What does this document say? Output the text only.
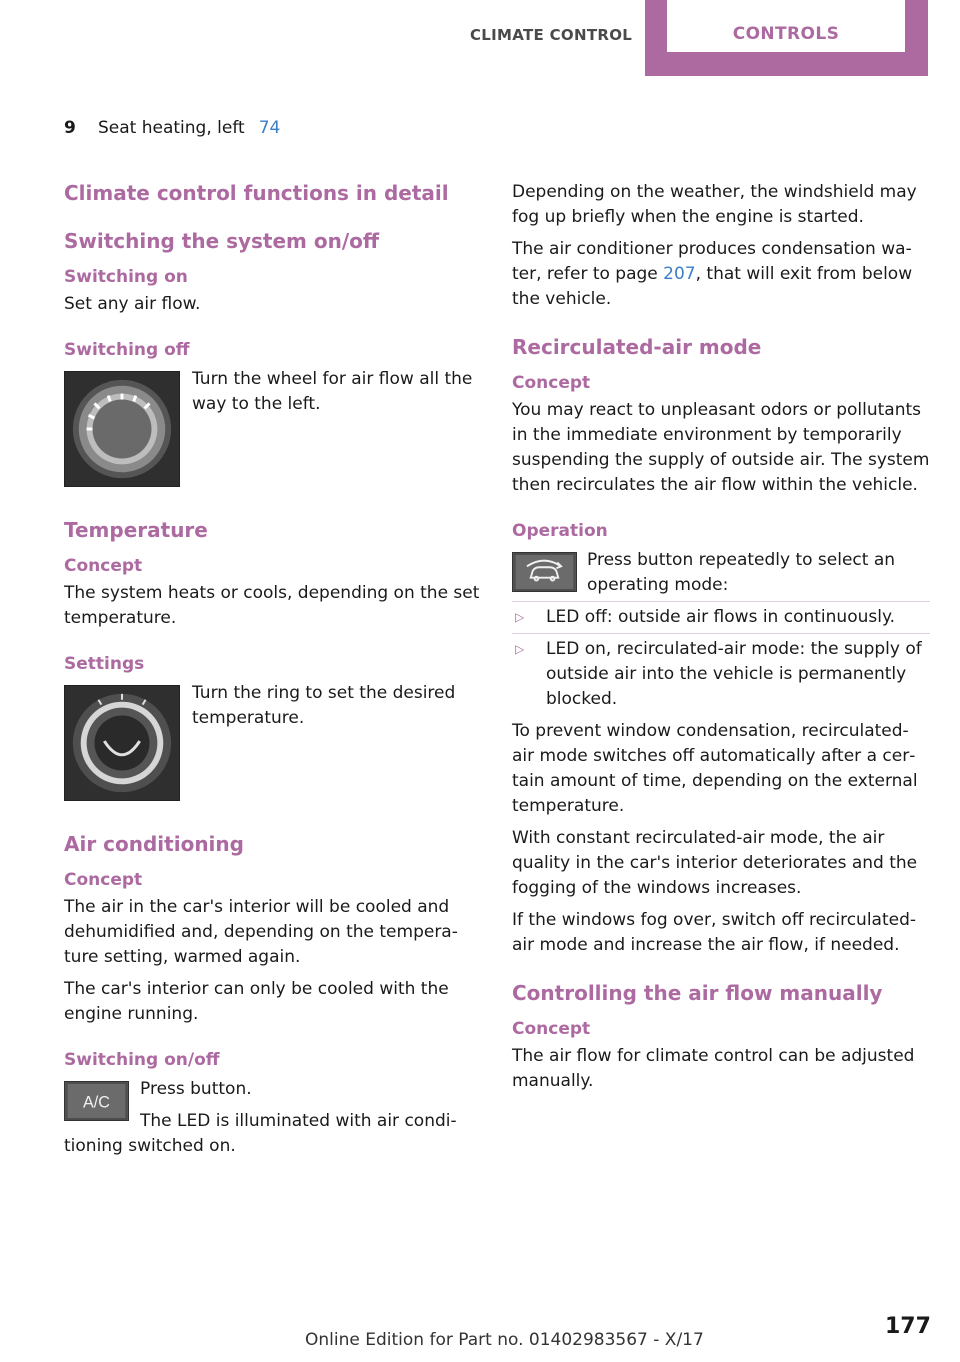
CLIMATE CONTROL	CONTROLS
9 Seat heating, left 74
Climate control functions in detail
Switching the system on/off
Switching on

Set any air flow.

Switching off

Turn the wheel for air flow all the way to the left.

Temperature
Concept

The system heats or cools, depending on the set temperature.

Settings

Turn the ring to set the desired temperature.

Air conditioning
Concept

The air in the car's interior will be cooled and dehumidified and, depending on the temperature setting, warmed again.

The car's interior can only be cooled with the engine running.

Switching on/off
A/C

Press button.

The LED is illuminated with air conditioning switched on.

Depending on the weather, the windshield may fog up briefly when the engine is started.

The air conditioner produces condensation water, refer to page 207, that will exit from below the vehicle.

Recirculated-air mode
Concept

You may react to unpleasant odors or pollutants in the immediate environment by temporarily suspending the supply of outside air. The system then recirculates the air flow within the vehicle.

Operation

Press button repeatedly to select an operating mode:

▷ LED off: outside air flows in continuously.
▷ LED on, recirculated-air mode: the supply of outside air into the vehicle is permanently blocked.

To prevent window condensation, recirculated-air mode switches off automatically after a certain amount of time, depending on the external temperature.

With constant recirculated-air mode, the air quality in the car's interior deteriorates and the fogging of the windows increases.

If the windows fog over, switch off recirculated-air mode and increase the air flow, if needed.

Controlling the air flow manually
Concept

The air flow for climate control can be adjusted manually.

177
Online Edition for Part no. 01402983567 - X/17
